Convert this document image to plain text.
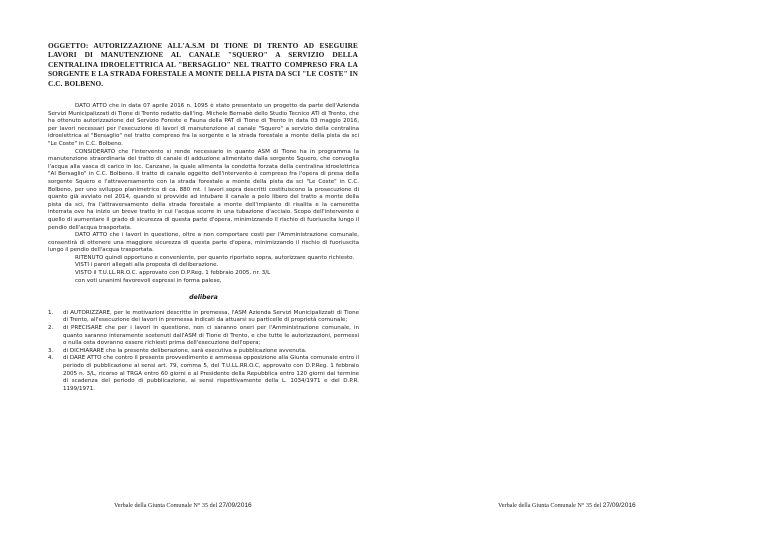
OGGETTO: AUTORIZZAZIONE ALL'A.S.M DI TIONE DI TRENTO AD ESEGUIRE LAVORI DI MANUTENZIONE AL CANALE "SQUERO" A SERVIZIO DELLA CENTRALINA IDROELETTRICA AL "BERSAGLIO" NEL TRATTO COMPRESO FRA LA SORGENTE E LA STRADA FORESTALE A MONTE DELLA PISTA DA SCI "LE COSTE" IN C.C. BOLBENO.

DATO ATTO che in data 07 aprile 2016 n. 1095 è stato presentato un progetto da parte dell'Azienda Servizi Municipalizzati di Tione di Trento redatto dall'ing. Michele Bernabè dello Studio Tecnico ATI di Trento, che ha ottenuto autorizzazione del Servizio Foreste e Fauna della PAT di Tione di Trento in data 03 maggio 2016, per lavori necessari per l'esecuzione di lavori di manutenzione al canale "Squero" a servizio della centralina idroelettrica al "Bersaglio" nel tratto compreso fra la sorgente e la strada forestale a monte della pista da sci "Le Coste" in C.C. Bolbeno.

CONSIDERATO che l'intervento si rende necessario in quanto ASM di Tione ha in programma la manutenzione straordinaria del tratto di canale di adduzione alimentato dalla sorgente Squero, che convoglia l'acqua alla vasca di carico in loc. Canzane, la quale alimenta la condotta forzata della centralina idroelettrica "Al Bersaglio" in C.C. Bolbeno. Il tratto di canale oggetto dell'intervento è compreso fra l'opera di presa della sorgente Squero e l'attraversamento con la strada forestale a monte della pista da sci "Le Coste" in C.C. Bolbeno, per uno sviluppo planimetrico di ca. 880 mt. I lavori sopra descritti costituiscono la prosecuzione di quanto già avviato nel 2014, quando si provvide ad intubare il canale a pelo libero del tratto a monte della pista da sci, fra l'attraversamento della strada forestale a monte dell'impianto di risalita e la cameretta interrata ove ha inizio un breve tratto in cui l'acqua scorre in una tubazione d'acciaio. Scopo dell'intervento è quello di aumentare il grado di sicurezza di questa parte d'opera, minimizzando il rischio di fuoriuscita lungo il pendio dell'acqua trasportata.

DATO ATTO che i lavori in questione, oltre a non comportare costi per l'Amministrazione comunale, consentirà di ottenere una maggiore sicurezza di questa parte d'opera, minimizzando il rischio di fuoriuscita lungo il pendio dell'acqua trasportata.

RITENUTO quindi opportuno e conveniente, per quanto riportato sopra, autorizzare quanto richiesto.

VISTI i pareri allegati alla proposta di deliberazione.

VISTO il T.U.LL.RR.O.C. approvato con D.P.Reg. 1 febbraio 2005, nr. 3/L

con voti unanimi favorevoli espressi in forma palese,

delibera

1. di AUTORIZZARE, per le motivazioni descritte in premessa, l'ASM Azienda Servizi Municipalizzati di Tione di Trento, all'esecuzione dei lavori in premessa indicati da attuarsi su particelle di proprietà comunale;
2. di PRECISARE che per i lavori in questione, non ci saranno oneri per l'Amministrazione comunale, in quanto saranno interamente sostenuti dall'ASM di Tione di Trento, e che tutte le autorizzazioni, permessi o nulla osta dovranno essere richiesti prima dell'esecuzione dell'opera;
3. di DICHIARARE che la presente deliberazione, sarà esecutiva a pubblicazione avvenuta.
4. di DARE ATTO che contro il presente provvedimento è ammessa opposizione alla Giunta comunale entro il periodo di pubblicazione ai sensi art. 79, comma 5, del T.U.LL.RR.O.C, approvato con D.P.Reg. 1 febbraio 2005 n. 3/L, ricorso al TRGA entro 60 giorni e al Presidente della Repubblica entro 120 giorni dal termine di scadenza del periodo di pubblicazione, ai sensi rispettivamente della L. 1034/1971 e del D.P.R. 1199/1971.
Verbale della Giunta Comunale N° 35 del 27/09/2016	Verbale della Giunta Comunale N° 35 del 27/09/2016
